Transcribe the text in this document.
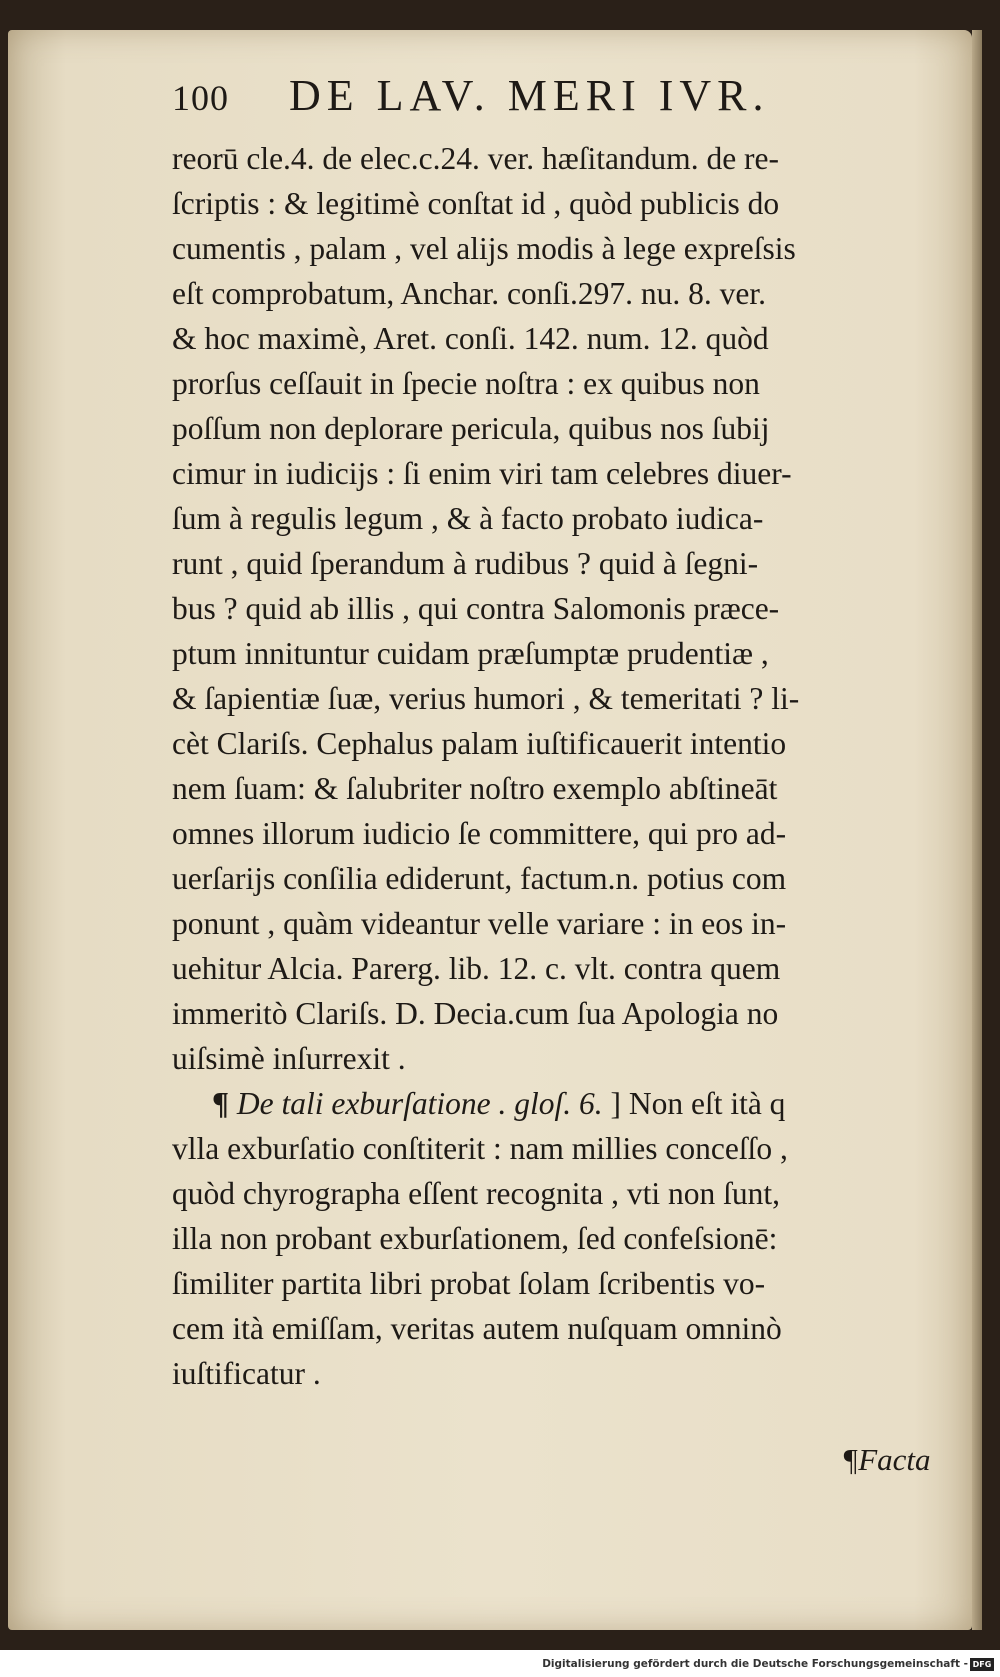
100 DE LAV. MERI IVR.
reorū cle.4. de elec.c.24. ver. hæſitandum. de re-
ſcriptis : & legitimè conſtat id , quòd publicis do
cumentis , palam , vel alijs modis à lege expreſsis
eſt comprobatum, Anchar. conſi.297. nu. 8. ver.
& hoc maximè, Aret. conſi. 142. num. 12. quòd
prorſus ceſſauit in ſpecie noſtra : ex quibus non
poſſum non deplorare pericula, quibus nos ſubij
cimur in iudicijs : ſi enim viri tam celebres diuer-
ſum à regulis legum , & à facto probato iudica-
runt , quid ſperandum à rudibus ? quid à ſegni-
bus ? quid ab illis , qui contra Salomonis præce-
ptum innituntur cuidam præſumptæ prudentiæ ,
& ſapientiæ ſuæ, verius humori , & temeritati ? li-
cèt Clariſs. Cephalus palam iuſtificauerit intentio
nem ſuam: & ſalubriter noſtro exemplo abſtineāt
omnes illorum iudicio ſe committere, qui pro ad-
uerſarijs conſilia ediderunt, factum.n. potius com
ponunt , quàm videantur velle variare : in eos in-
uehitur Alcia. Parerg. lib. 12. c. vlt. contra quem
immeritò Clariſs. D. Decia.cum ſua Apologia no
uiſsimè inſurrexit .
¶ De tali exburſatione . gloſ. 6. ] Non eſt ità q
vlla exburſatio conſtiterit : nam millies conceſſo ,
quòd chyrographa eſſent recognita , vti non ſunt,
illa non probant exburſationem, ſed confeſsionē:
ſimiliter partita libri probat ſolam ſcribentis vo-
cem ità emiſſam, veritas autem nuſquam omninò
iuſtificatur .
¶Facta
Digitalisierung gefördert durch die Deutsche Forschungsgemeinschaft - DFG
